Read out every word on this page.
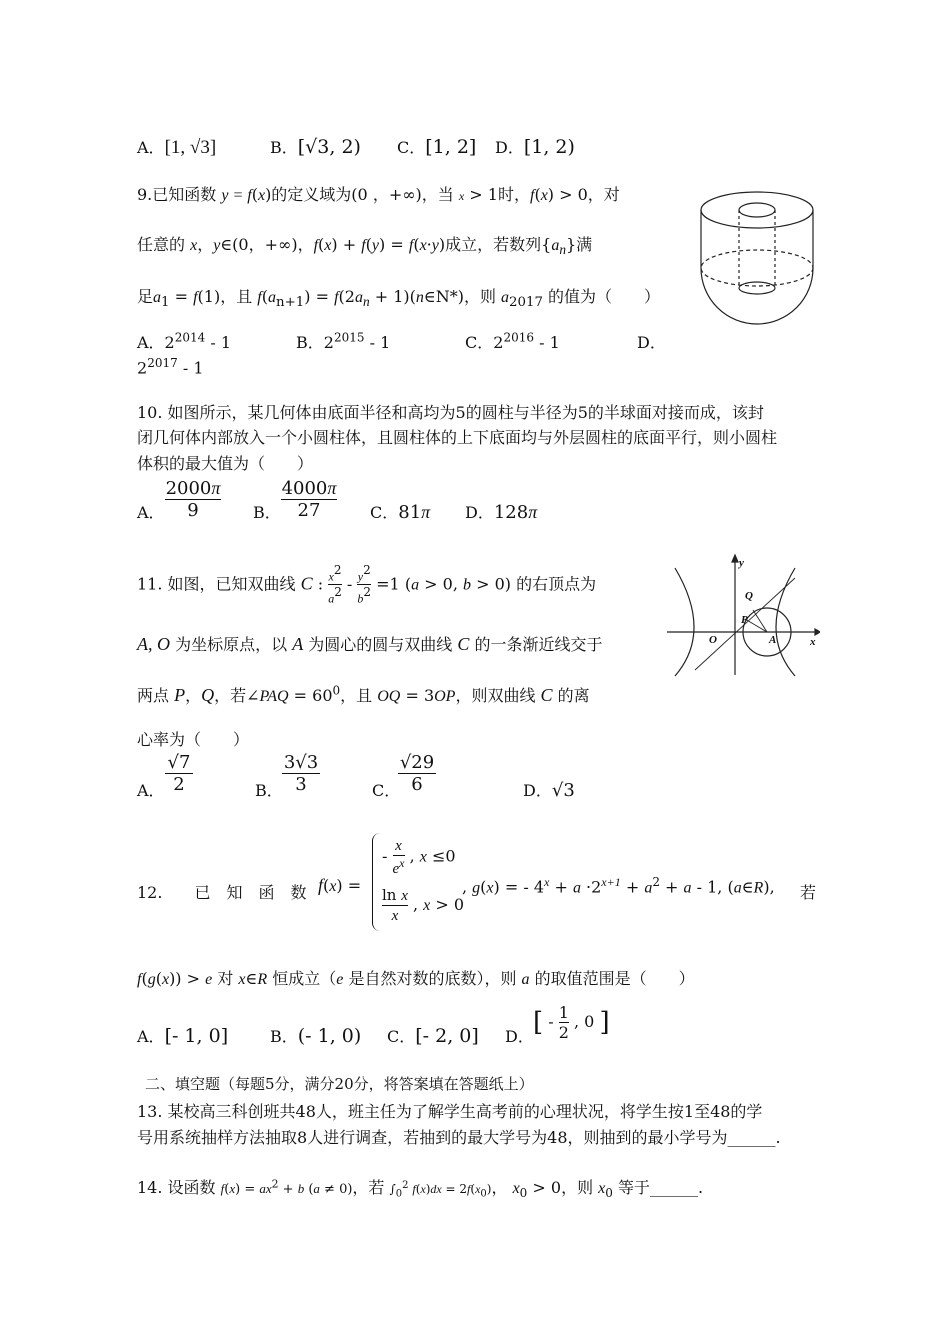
A．[1, √3]	B．[√3, 2) C．[1, 2] D．[1, 2)
9.已知函数 y = f(x)的定义域为(0 ，+∞)，当 x > 1时，f(x) > 0，对
任意的 x，y∈(0，+∞)，f(x) + f(y) = f(x·y)成立，若数列$\{a_n\}$满
足$a_1 = f(1)$，且 $f(a_{n+1}) = f(2a_n$ + 1)(n∈N*)，则 $a_{2017}$ 的值为（　　）
A．$2^{2014} - 1$	B．$2^{2015} - 1$	C．$2^{2016} - 1$	D．
$2^{2017} - 1$
10. 如图所示，某几何体由底面半径和高均为5的圆柱与半径为5的半球面对接而成，该封
闭几何体内部放入一个小圆柱体，且圆柱体的上下底面均与外层圆柱的底面平行，则小圆柱
体积的最大值为（　　）
A．
2000π
9	B．
4000π
27	C．81π D．128π
11. 如图，已知双曲线 C : $x^2$

$a^2 - y^2$

$b^2 =1$ (a > 0, b > 0) 的右顶点为
A, O 为坐标原点，以 A 为圆心的圆与双曲线 C 的一条渐近线交于
两点 P，Q，若∠PAQ = $60^0$，且 OQ = 3OP，则双曲线 C 的离
心率为（　　）
A．
√7
2	B．
3√3
3	C．
√29
6	D．√3
y
Q
P
O	A	x
12.　　已　知　函　数 f(x) =
- $\frac{x}{e^x}$ , x ≤0
ln x

x
, x > 0
, g(x) = - $4^x + a \cdot 2^{x+1} + a^2 + a - 1$, (a∈R), 若
f(g(x)) > e 对 x∈R 恒成立（e 是自然对数的底数），则 a 的取值范围是（　　）
A．[- 1, 0]	B．(- 1, 0) C．[- 2, 0] D． [ - $\frac{1}{2}$ , 0 ]
二、填空题（每题5分，满分20分，将答案填在答题纸上）
13. 某校高三科创班共48人，班主任为了解学生高考前的心理状况，将学生按1至48的学
号用系统抽样方法抽取8人进行调查，若抽到的最大学号为48，则抽到的最小学号为______.
14. 设函数 $f(x) = ax^2 + b$ (a ≠ 0)，若 $\int_0^2$ $f(x)dx = 2f(x_0)$， $x_0 > 0$，则 $x_0$ 等于______.
